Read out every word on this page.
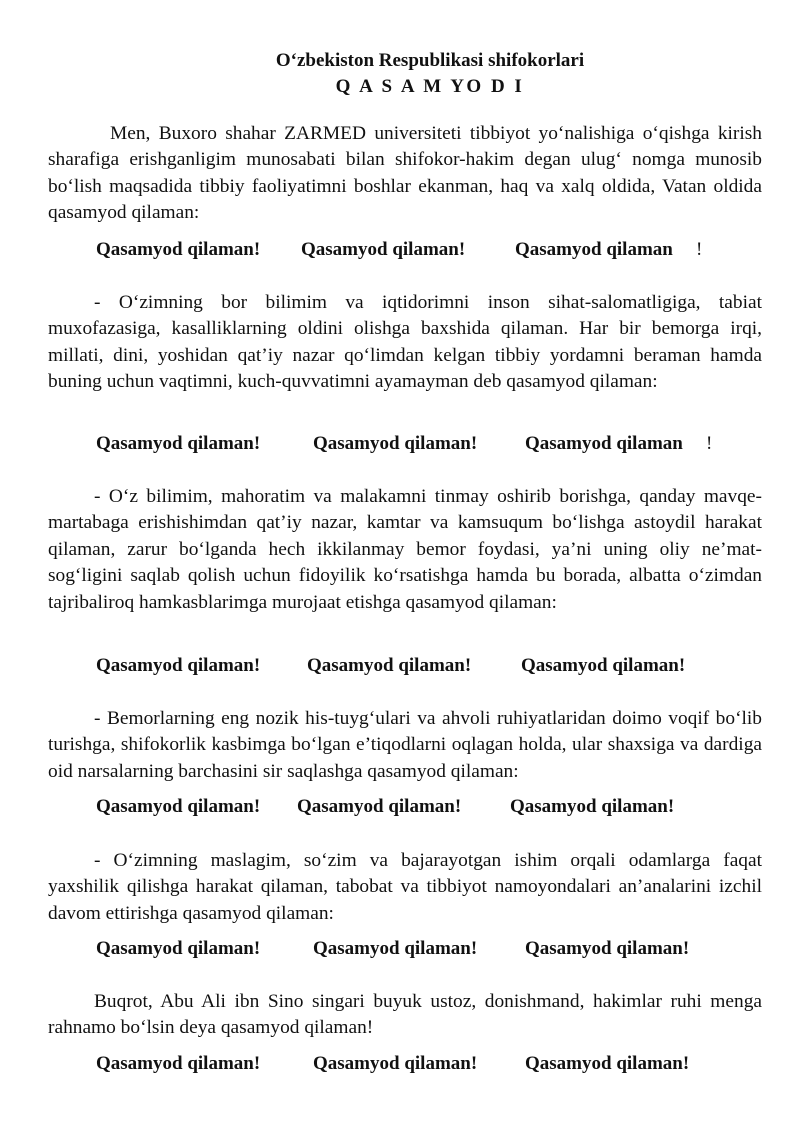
O‘zbekiston Respublikasi shifokorlari
Q A S A M YO D I

Men, Buxoro shahar ZARMED universiteti tibbiyot yo‘nalishiga o‘qishga kirish sharafiga erishganligim munosabati bilan shifokor-hakim degan ulug‘ nomga munosib bo‘lish maqsadida tibbiy faoliyatimni boshlar ekanman, haq va xalq oldida, Vatan oldida qasamyod qilaman:

Qasamyod qilaman! Qasamyod qilaman!	Qasamyod qilaman !

- O‘zimning bor bilimim va iqtidorimni inson sihat-salomatligiga, tabiat muxofazasiga, kasalliklarning oldini olishga baxshida qilaman. Har bir bemorga irqi, millati, dini, yoshidan qat’iy nazar qo‘limdan kelgan tibbiy yordamni beraman hamda buning uchun vaqtimni, kuch-quvvatimni ayamayman deb qasamyod qilaman:

Qasamyod qilaman!	Qasamyod qilaman!	Qasamyod qilaman !

- O‘z bilimim, mahoratim va malakamni tinmay oshirib borishga, qanday mavqe-martabaga erishishimdan qat’iy nazar, kamtar va kamsuqum bo‘lishga astoydil harakat qilaman, zarur bo‘lganda hech ikkilanmay bemor foydasi, ya’ni uning oliy ne’mat- sog‘ligini saqlab qolish uchun fidoyilik ko‘rsatishga hamda bu borada, albatta o‘zimdan tajribaliroq hamkasblarimga murojaat etishga qasamyod qilaman:

Qasamyod qilaman! Qasamyod qilaman!	Qasamyod qilaman!

- Bemorlarning eng nozik his-tuyg‘ulari va ahvoli ruhiyatlaridan doimo voqif bo‘lib turishga, shifokorlik kasbimga bo‘lgan e’tiqodlarni oqlagan holda, ular shaxsiga va dardiga oid narsalarning barchasini sir saqlashga qasamyod qilaman:

Qasamyod qilaman! Qasamyod qilaman!	Qasamyod qilaman!

- O‘zimning maslagim, so‘zim va bajarayotgan ishim orqali odamlarga faqat yaxshilik qilishga harakat qilaman, tabobat va tibbiyot namoyondalari an’analarini izchil davom ettirishga qasamyod qilaman:

Qasamyod qilaman!	Qasamyod qilaman!	Qasamyod qilaman!

Buqrot, Abu Ali ibn Sino singari buyuk ustoz, donishmand, hakimlar ruhi menga rahnamo bo‘lsin deya qasamyod qilaman!

Qasamyod qilaman!	Qasamyod qilaman!	Qasamyod qilaman!
